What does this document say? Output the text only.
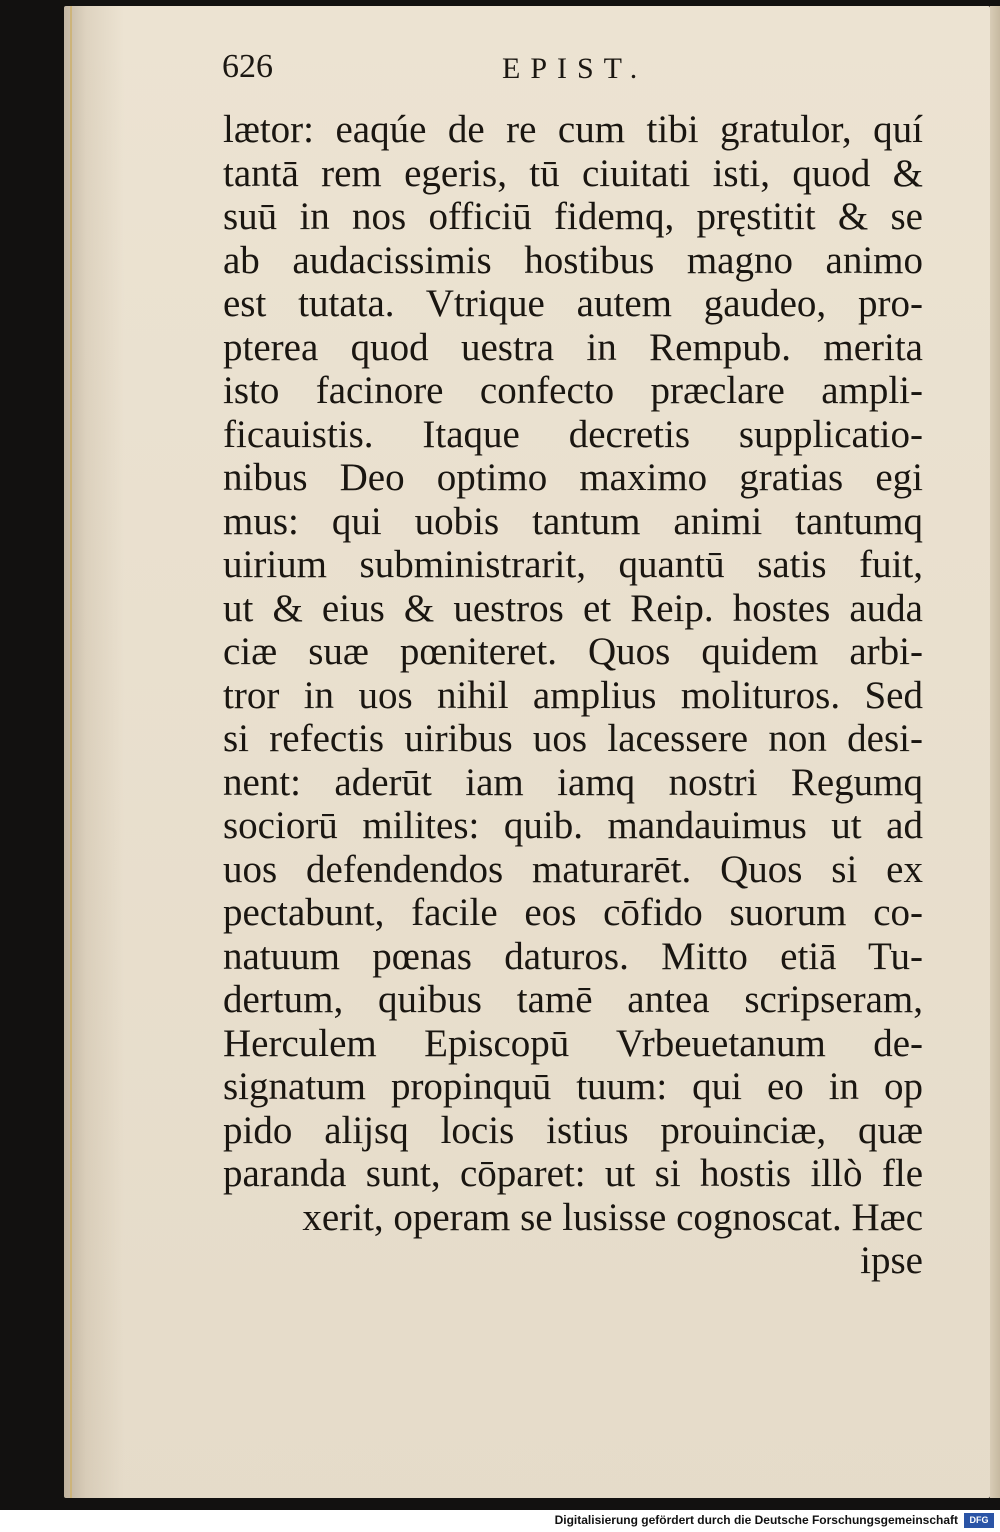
626	EPIST.
lætor: eaqúe de re cum tibi gratulor, quí
tantā rem egeris, tū ciuitati isti, quod &
suū in nos officiū fidemq, pręstitit & se
ab audacissimis hostibus magno animo
est tutata. Vtrique autem gaudeo, pro-
pterea quod uestra in Rempub. merita
isto facinore confecto præclare ampli-
ficauistis. Itaque decretis supplicatio-
nibus Deo optimo maximo gratias egi
mus: qui uobis tantum animi tantumq
uirium subministrarit, quantū satis fuit,
ut & eius & uestros et Reip. hostes auda
ciæ suæ pœniteret. Quos quidem arbi-
tror in uos nihil amplius molituros. Sed
si refectis uiribus uos lacessere non desi-
nent: aderūt iam iamq nostri Regumq
sociorū milites: quib. mandauimus ut ad
uos defendendos maturarēt. Quos si ex
pectabunt, facile eos cōfido suorum co-
natuum pœnas daturos. Mitto etiā Tu-
dertum, quibus tamē antea scripseram,
Herculem Episcopū Vrbeuetanum de-
signatum propinquū tuum: qui eo in op
pido alijsq locis istius prouinciæ, quæ
paranda sunt, cōparet: ut si hostis illò fle
xerit, operam se lusisse cognoscat. Hæc
ipse
Digitalisierung gefördert durch die Deutsche Forschungsgemeinschaft	DFG
